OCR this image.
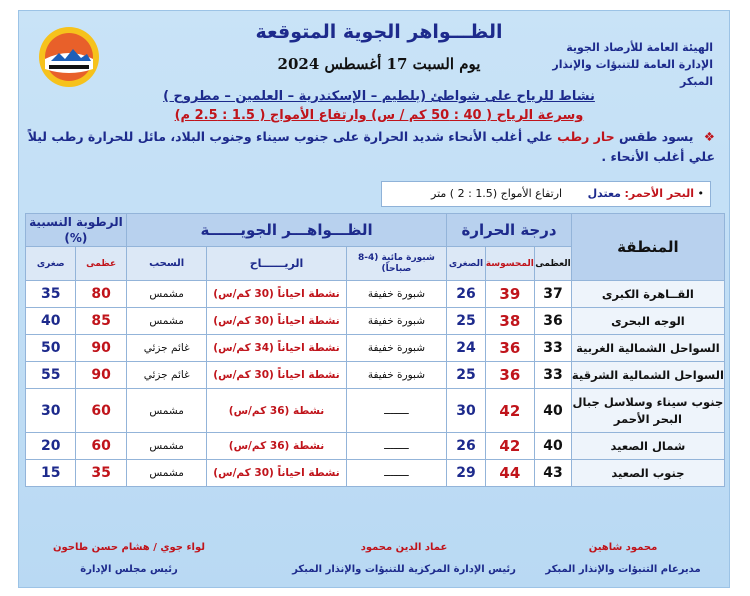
الظـــواهر الجوية المتوقعة
يوم السبت 17 أغسطس 2024
الهيئة العامة للأرصاد الجوية
الإدارة العامة للتنبؤات والإنذار المبكر
نشاط للرياح على شواطئ (بلطيم – الإسكندرية – العلمين – مطروح )
وسرعة الرياح ( 40 : 50 كم / س) وارتفاع الأمواج ( 1.5 : 2.5 م)
❖ يسود طقس حار رطب علي أغلب الأنحاء شديد الحرارة على جنوب سيناء وجنوب البلاد، مائل للحرارة رطب ليلاً علي أغلب الأنحاء .
• البحر الأحمر: معتدل ارتفاع الأمواج (1.5 : 2 ) متر
المنطقة	درجة الحرارة			الظـــواهـــر الجويــــــة			الرطوبة النسبية (%)	
	العظمى	المحسوسة	الصغرى	شبورة مائية (4-8 صباحاً)	الريــــــاح	السحب	عظمى	صغرى
القــاهرة الكبرى	37	39	26	شبورة خفيفة	نشطة احياناً (30 كم/س)	مشمس	80	35
الوجه البحرى	36	38	25	شبورة خفيفة	نشطة احياناً (30 كم/س)	مشمس	85	40
السواحل الشمالية الغربية	33	36	24	شبورة خفيفة	نشطة احياناً (34 كم/س)	غائم جزئي	90	50
السواحل الشمالية الشرقية	33	36	25	شبورة خفيفة	نشطة احياناً (30 كم/س)	غائم جزئي	90	55
جنوب سيناء وسلاسل جبال البحر الأحمر	40	42	30	ــــــــ	نشطة (36 كم/س)	مشمس	60	30
شمال الصعيد	40	42	26	ــــــــ	نشطة (36 كم/س)	مشمس	60	20
جنوب الصعيد	43	44	29	ــــــــ	نشطة احياناً (30 كم/س)	مشمس	35	15
محمود شاهين
مديرعام التنبؤات والإنذار المبكر
عماد الدين محمود
رئيس الإدارة المركزية للتنبؤات والإنذار المبكر
لواء جوي / هشام حسن طاحون
رئيس مجلس الإدارة
